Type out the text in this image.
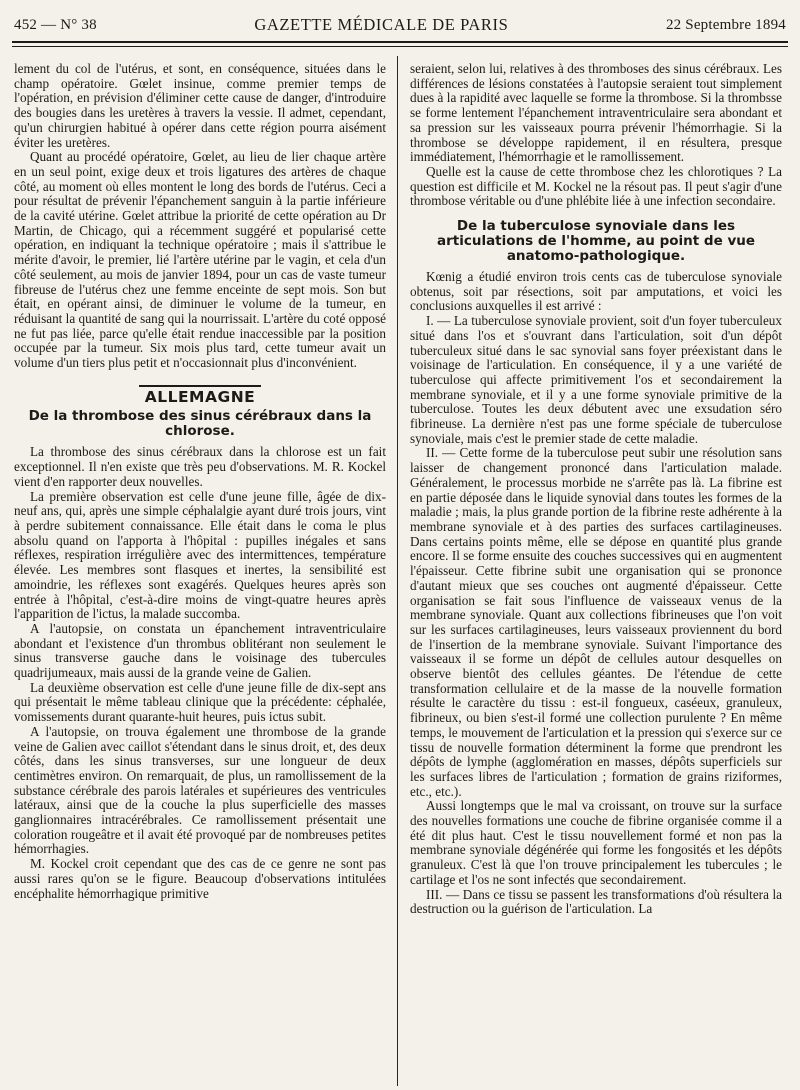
452 — N° 38	GAZETTE MÉDICALE DE PARIS	22 Septembre 1894

lement du col de l'utérus, et sont, en conséquence, situées dans le champ opératoire. Gœlet insinue, comme premier temps de l'opération, en prévision d'éliminer cette cause de danger, d'introduire des bougies dans les uretères à travers la vessie. Il admet, cependant, qu'un chirurgien habitué à opérer dans cette région pourra aisément éviter les uretères.

Quant au procédé opératoire, Gœlet, au lieu de lier chaque artère en un seul point, exige deux et trois ligatures des artères de chaque côté, au moment où elles montent le long des bords de l'utérus. Ceci a pour résultat de prévenir l'épanchement sanguin à la partie inférieure de la cavité utérine. Gœlet attribue la priorité de cette opération au Dr Martin, de Chicago, qui a récemment suggéré et popularisé cette opération, en indiquant la technique opératoire ; mais il s'attribue le mérite d'avoir, le premier, lié l'artère utérine par le vagin, et cela d'un côté seulement, au mois de janvier 1894, pour un cas de vaste tumeur fibreuse de l'utérus chez une femme enceinte de sept mois. Son but était, en opérant ainsi, de diminuer le volume de la tumeur, en réduisant la quantité de sang qui la nourrissait. L'artère du coté opposé ne fut pas liée, parce qu'elle était rendue inaccessible par la position occupée par la tumeur. Six mois plus tard, cette tumeur avait un volume d'un tiers plus petit et n'occasionnait plus d'inconvénient.

ALLEMAGNE
De la thrombose des sinus cérébraux dans la chlorose.

La thrombose des sinus cérébraux dans la chlorose est un fait exceptionnel. Il n'en existe que très peu d'observations. M. R. Kockel vient d'en rapporter deux nouvelles.

La première observation est celle d'une jeune fille, âgée de dix-neuf ans, qui, après une simple céphalalgie ayant duré trois jours, vint à perdre subitement connaissance. Elle était dans le coma le plus absolu quand on l'apporta à l'hôpital : pupilles inégales et sans réflexes, respiration irrégulière avec des intermittences, température élevée. Les membres sont flasques et inertes, la sensibilité est amoindrie, les réflexes sont exagérés. Quelques heures après son entrée à l'hôpital, c'est-à-dire moins de vingt-quatre heures après l'apparition de l'ictus, la malade succomba.

A l'autopsie, on constata un épanchement intraventriculaire abondant et l'existence d'un thrombus oblitérant non seulement le sinus transverse gauche dans le voisinage des tubercules quadrijumeaux, mais aussi de la grande veine de Galien.

La deuxième observation est celle d'une jeune fille de dix-sept ans qui présentait le même tableau clinique que la précédente: céphalée, vomissements durant quarante-huit heures, puis ictus subit.

A l'autopsie, on trouva également une thrombose de la grande veine de Galien avec caillot s'étendant dans le sinus droit, et, des deux côtés, dans les sinus transverses, sur une longueur de deux centimètres environ. On remarquait, de plus, un ramollissement de la substance cérébrale des parois latérales et supérieures des ventricules latéraux, ainsi que de la couche la plus superficielle des masses ganglionnaires intracérébrales. Ce ramollissement présentait une coloration rougeâtre et il avait été provoqué par de nombreuses petites hémorrhagies.

M. Kockel croit cependant que des cas de ce genre ne sont pas aussi rares qu'on se le figure. Beaucoup d'observations intitulées encéphalite hémorrhagique primitive

seraient, selon lui, relatives à des thromboses des sinus cérébraux. Les différences de lésions constatées à l'autopsie seraient tout simplement dues à la rapidité avec laquelle se forme la thrombose. Si la thrombsse se forme lentement l'épanchement intraventriculaire sera abondant et sa pression sur les vaisseaux pourra prévenir l'hémorrhagie. Si la thrombose se développe rapidement, il en résultera, presque immédiatement, l'hémorrhagie et le ramollissement.

Quelle est la cause de cette thrombose chez les chlorotiques ? La question est difficile et M. Kockel ne la résout pas. Il peut s'agir d'une thrombose véritable ou d'une phlébite liée à une infection secondaire.

De la tuberculose synoviale dans les articulations de l'homme, au point de vue anatomo-pathologique.

Kœnig a étudié environ trois cents cas de tuberculose synoviale obtenus, soit par résections, soit par amputations, et voici les conclusions auxquelles il est arrivé :

I. — La tuberculose synoviale provient, soit d'un foyer tuberculeux situé dans l'os et s'ouvrant dans l'articulation, soit d'un dépôt tuberculeux situé dans le sac synovial sans foyer préexistant dans le voisinage de l'articulation. En conséquence, il y a une variété de tuberculose qui affecte primitivement l'os et secondairement la membrane synoviale, et il y a une forme synoviale primitive de la tuberculose. Toutes les deux débutent avec une exsudation séro fibrineuse. La dernière n'est pas une forme spéciale de tuberculose synoviale, mais c'est le premier stade de cette maladie.

II. — Cette forme de la tuberculose peut subir une résolution sans laisser de changement prononcé dans l'articulation malade. Généralement, le processus morbide ne s'arrête pas là. La fibrine est en partie déposée dans le liquide synovial dans toutes les formes de la maladie ; mais, la plus grande portion de la fibrine reste adhérente à la membrane synoviale et à des parties des surfaces cartilagineuses. Dans certains points même, elle se dépose en quantité plus grande encore. Il se forme ensuite des couches successives qui en augmentent l'épaisseur. Cette fibrine subit une organisation qui se prononce d'autant mieux que ses couches ont augmenté d'épaisseur. Cette organisation se fait sous l'influence de vaisseaux venus de la membrane synoviale. Quant aux collections fibrineuses que l'on voit sur les surfaces cartilagineuses, leurs vaisseaux proviennent du bord de l'insertion de la membrane synoviale. Suivant l'importance des vaisseaux il se forme un dépôt de cellules autour desquelles on observe bientôt des cellules géantes. De l'étendue de cette transformation cellulaire et de la masse de la nouvelle formation résulte le caractère du tissu : est-il fongueux, caséeux, granuleux, fibrineux, ou bien s'est-il formé une collection purulente ? En même temps, le mouvement de l'articulation et la pression qui s'exerce sur ce tissu de nouvelle formation déterminent la forme que prendront les dépôts de lymphe (agglomération en masses, dépôts superficiels sur les surfaces libres de l'articulation ; formation de grains riziformes, etc., etc.).

Aussi longtemps que le mal va croissant, on trouve sur la surface des nouvelles formations une couche de fibrine organisée comme il a été dit plus haut. C'est le tissu nouvellement formé et non pas la membrane synoviale dégénérée qui forme les fongosités et les dépôts granuleux. C'est là que l'on trouve principalement les tubercules ; le cartilage et l'os ne sont infectés que secondairement.

III. — Dans ce tissu se passent les transformations d'où résultera la destruction ou la guérison de l'articulation. La
